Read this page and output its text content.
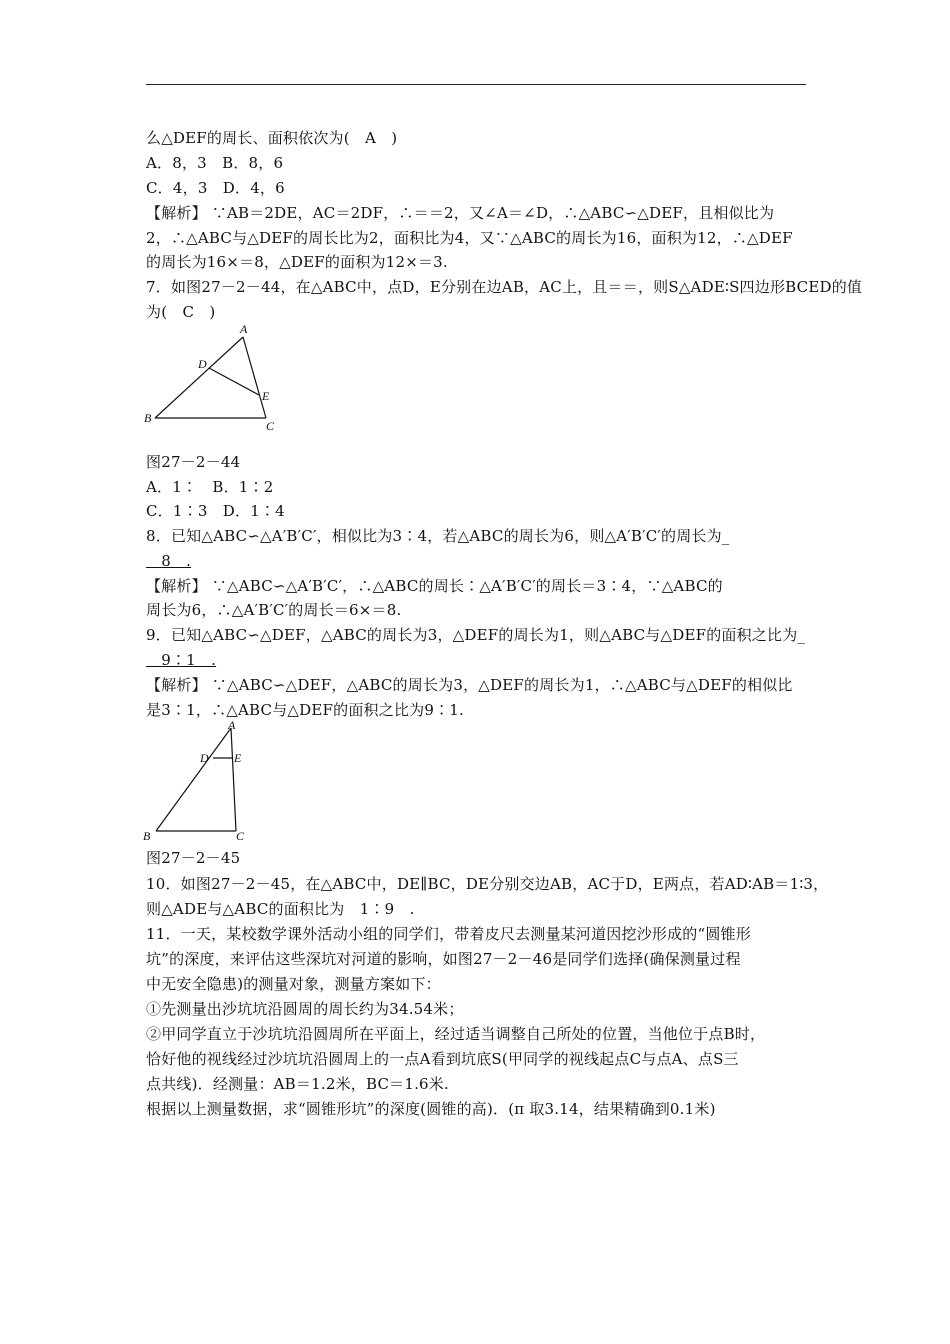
么△DEF的周长、面积依次为(　A　)
A．8，3　B．8，6
C．4，3　D．4，6
【解析】 ∵AB＝2DE，AC＝2DF，∴＝＝2，又∠A＝∠D，∴△ABC∽△DEF，且相似比为
2，∴△ABC与△DEF的周长比为2，面积比为4，又∵△ABC的周长为16，面积为12，∴△DEF
的周长为16×＝8，△DEF的面积为12×＝3.
7．如图27－2－44，在△ABC中，点D，E分别在边AB，AC上，且＝＝，则S△ADE∶S四边形BCED的值
为(　C　)
A
D
E
B
C
图27－2－44
A．1∶　B．1∶2
C．1∶3　D．1∶4
8．已知△ABC∽△A′B′C′，相似比为3∶4，若△ABC的周长为6，则△A′B′C′的周长为_
　8　.
【解析】 ∵△ABC∽△A′B′C′，∴△ABC的周长∶△A′B′C′的周长＝3∶4，∵△ABC的
周长为6，∴△A′B′C′的周长＝6×＝8.
9．已知△ABC∽△DEF，△ABC的周长为3，△DEF的周长为1，则△ABC与△DEF的面积之比为_
　9∶1　.
【解析】 ∵△ABC∽△DEF，△ABC的周长为3，△DEF的周长为1，∴△ABC与△DEF的相似比
是3∶1，∴△ABC与△DEF的面积之比为9∶1.
A
D E
B	C
图27－2－45
10．如图27－2－45，在△ABC中，DE∥BC，DE分别交边AB，AC于D，E两点，若AD∶AB＝1∶3，
则△ADE与△ABC的面积比为　1∶9　.
11．一天，某校数学课外活动小组的同学们，带着皮尺去测量某河道因挖沙形成的“圆锥形
坑”的深度，来评估这些深坑对河道的影响，如图27－2－46是同学们选择(确保测量过程
中无安全隐患)的测量对象，测量方案如下：
①先测量出沙坑坑沿圆周的周长约为34.54米；
②甲同学直立于沙坑坑沿圆周所在平面上，经过适当调整自己所处的位置，当他位于点B时，
恰好他的视线经过沙坑坑沿圆周上的一点A看到坑底S(甲同学的视线起点C与点A、点S三
点共线)．经测量：AB＝1.2米，BC＝1.6米.
根据以上测量数据，求“圆锥形坑”的深度(圆锥的高)．(π 取3.14，结果精确到0.1米)
